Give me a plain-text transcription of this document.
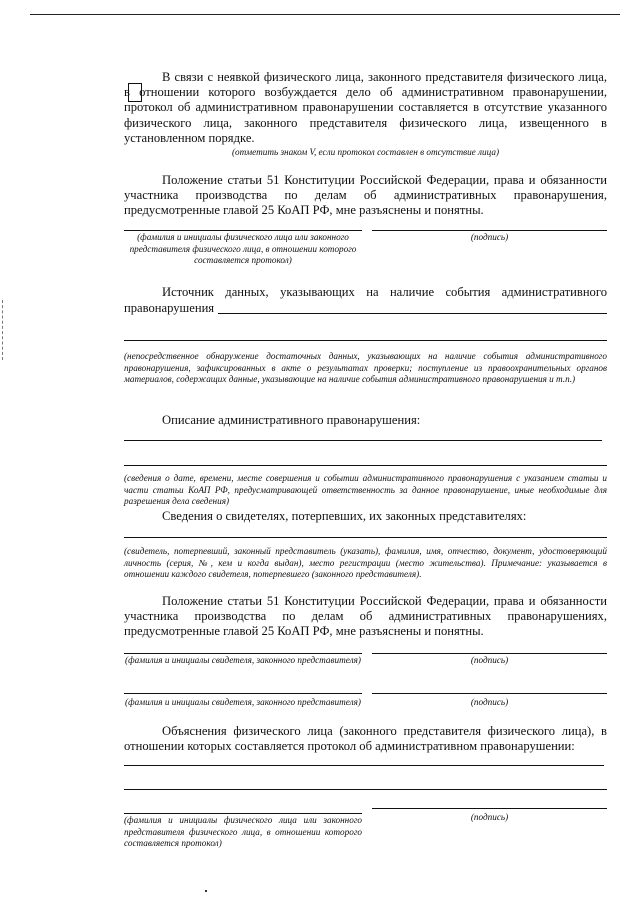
В связи с неявкой физического лица, законного представителя физического лица, в отношении которого возбуждается дело об административном правонарушении, протокол об административном правонарушении составляется в отсутствие указанного физического лица, законного представителя физического лица, извещенного в установленном порядке.

(отметить знаком V, если протокол составлен в отсутствие лица)

Положение статьи 51 Конституции Российской Федерации, права и обязанности участника производства по делам об административных правонарушения, предусмотренные главой 25 КоАП РФ, мне разъяснены и понятны.

(фамилия и инициалы физического лица или законного представителя физического лица, в отношении которого составляется протокол)

(подпись)

Источник данных, указывающих на наличие события административного правонарушения

(непосредственное обнаружение достаточных данных, указывающих на наличие события административного правонарушения, зафиксированных в акте о результатах проверки; поступление из правоохранительных органов материалов, содержащих данные, указывающие на наличие события административного правонарушения и т.п.)

Описание административного правонарушения:

(сведения о дате, времени, месте совершения и событии административного правонарушения с указанием статьи и части статьи КоАП РФ, предусматривающей ответственность за данное правонарушение, иные необходимые для разрешения дела сведения)

Сведения о свидетелях, потерпевших, их законных представителях:

(свидетель, потерпевший, законный представитель (указать), фамилия, имя, отчество, документ, удостоверяющий личность (серия, №, кем и когда выдан), место регистрации (место жительства). Примечание: указывается в отношении каждого свидетеля, потерпевшего (законного представителя).

Положение статьи 51 Конституции Российской Федерации, права и обязанности участника производства по делам об административных правонарушениях, предусмотренные главой 25 КоАП РФ, мне разъяснены и понятны.

(фамилия и инициалы свидетеля, законного представителя)	(подпись)

(фамилия и инициалы свидетеля, законного представителя)	(подпись)

Объяснения физического лица (законного представителя физического лица), в отношении которых составляется протокол об административном правонарушении:

(фамилия и инициалы физического лица или законного представителя физического лица, в отношении которого составляется протокол)

(подпись)
